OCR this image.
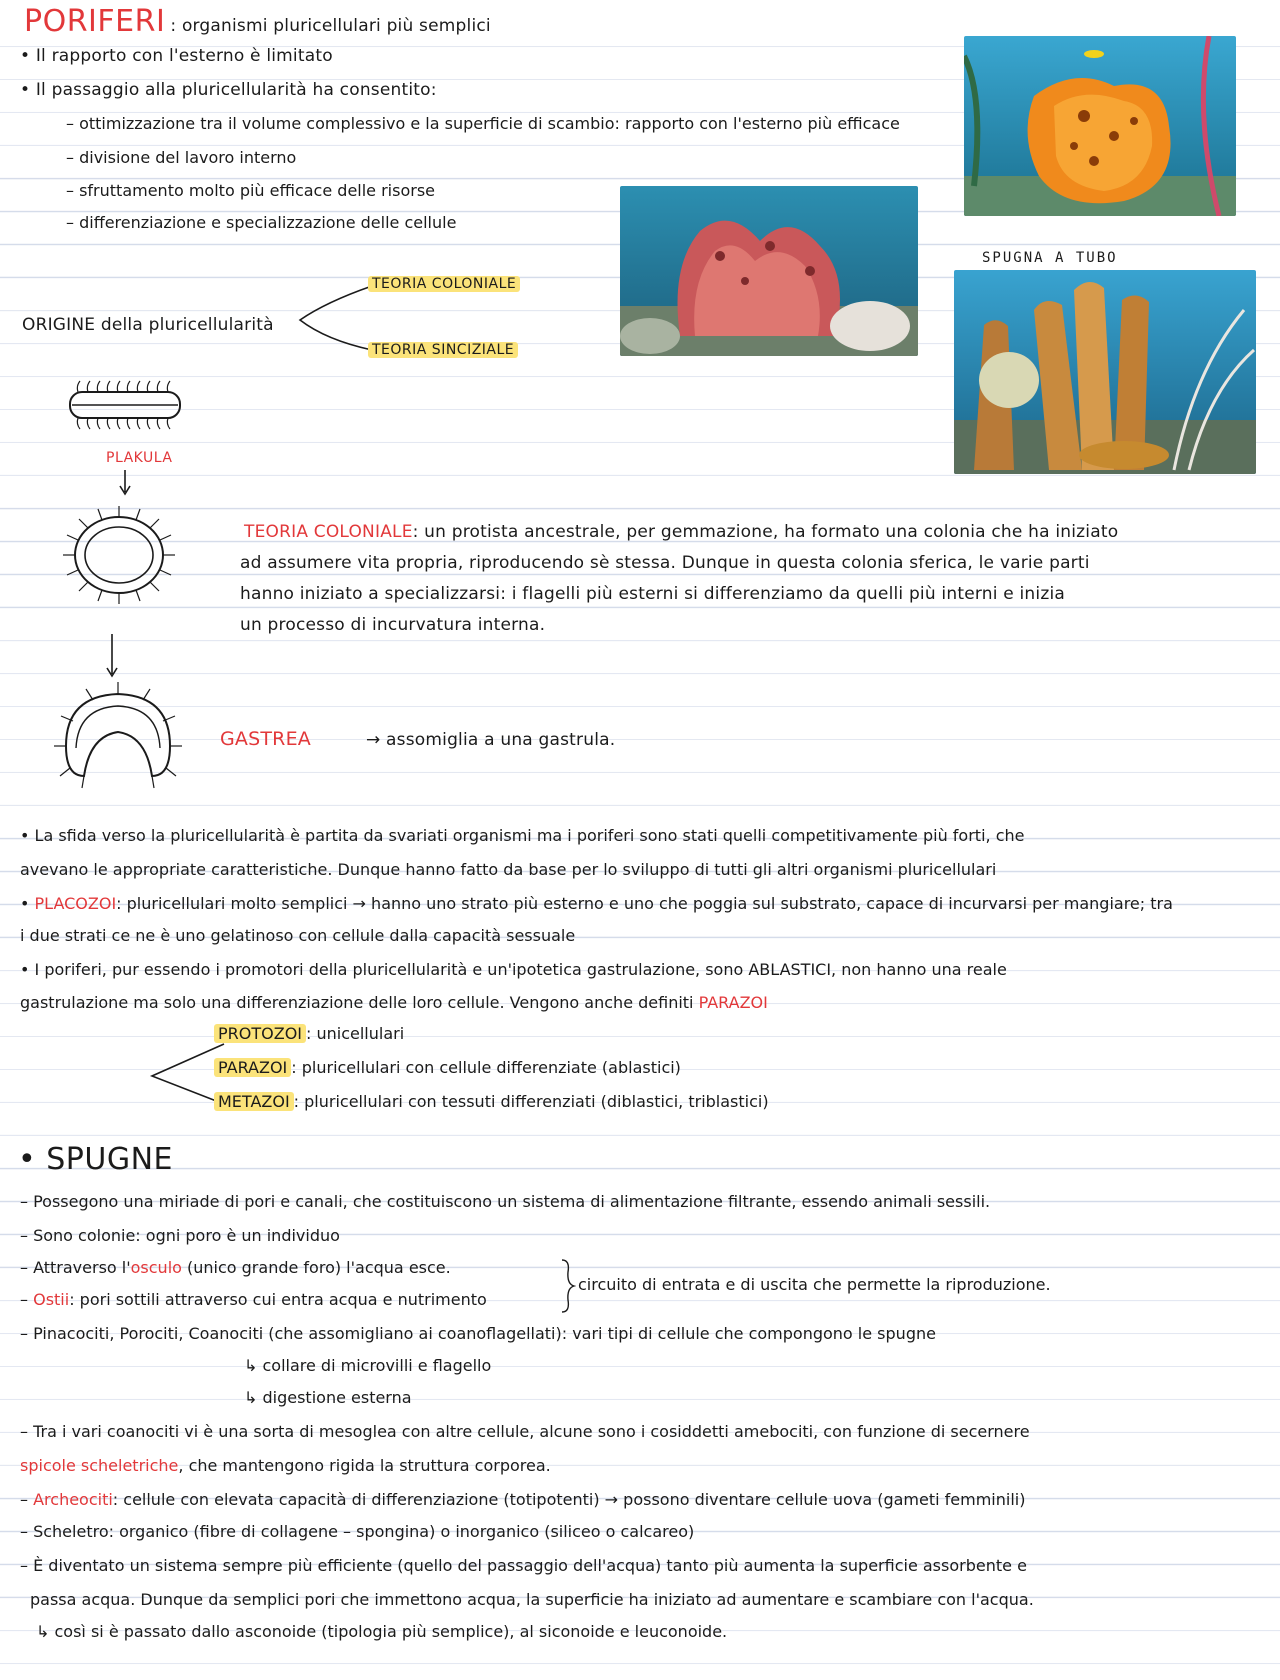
PORIFERI : organismi pluricellulari più semplici
• Il rapporto con l'esterno è limitato
• Il passaggio alla pluricellularità ha consentito:
– ottimizzazione tra il volume complessivo e la superficie di scambio: rapporto con l'esterno più efficace
– divisione del lavoro interno
– sfruttamento molto più efficace delle risorse
– differenziazione e specializzazione delle cellule
ORIGINE della pluricellularità
TEORIA COLONIALE
TEORIA SINCIZIALE
SPUGNA A TUBO
PLAKULA
GASTREA	→ assomiglia a una gastrula.
TEORIA COLONIALE: un protista ancestrale, per gemmazione, ha formato una colonia che ha iniziato
ad assumere vita propria, riproducendo sè stessa. Dunque in questa colonia sferica, le varie parti
hanno iniziato a specializzarsi: i flagelli più esterni si differenziamo da quelli più interni e inizia
un processo di incurvatura interna.
• La sfida verso la pluricellularità è partita da svariati organismi ma i poriferi sono stati quelli competitivamente più forti, che
avevano le appropriate caratteristiche. Dunque hanno fatto da base per lo sviluppo di tutti gli altri organismi pluricellulari
• PLACOZOI: pluricellulari molto semplici → hanno uno strato più esterno e uno che poggia sul substrato, capace di incurvarsi per mangiare; tra
i due strati ce ne è uno gelatinoso con cellule dalla capacità sessuale
• I poriferi, pur essendo i promotori della pluricellularità e un'ipotetica gastrulazione, sono ABLASTICI, non hanno una reale
gastrulazione ma solo una differenziazione delle loro cellule. Vengono anche definiti PARAZOI
PROTOZOI : unicellulari
PARAZOI : pluricellulari con cellule differenziate (ablastici)
METAZOI : pluricellulari con tessuti differenziati (diblastici, triblastici)
• SPUGNE
– Possegono una miriade di pori e canali, che costituiscono un sistema di alimentazione filtrante, essendo animali sessili.
– Sono colonie: ogni poro è un individuo
– Attraverso l'osculo (unico grande foro) l'acqua esce.
– Ostii: pori sottili attraverso cui entra acqua e nutrimento
circuito di entrata e di uscita che permette la riproduzione.
– Pinacociti, Porociti, Coanociti (che assomigliano ai coanoflagellati): vari tipi di cellule che compongono le spugne
↳ collare di microvilli e flagello
↳ digestione esterna
– Tra i vari coanociti vi è una sorta di mesoglea con altre cellule, alcune sono i cosiddetti amebociti, con funzione di secernere
spicole scheletriche, che mantengono rigida la struttura corporea.
– Archeociti: cellule con elevata capacità di differenziazione (totipotenti) → possono diventare cellule uova (gameti femminili)
– Scheletro: organico (fibre di collagene – spongina) o inorganico (siliceo o calcareo)
– È diventato un sistema sempre più efficiente (quello del passaggio dell'acqua) tanto più aumenta la superficie assorbente e
passa acqua. Dunque da semplici pori che immettono acqua, la superficie ha iniziato ad aumentare e scambiare con l'acqua.
↳ così si è passato dallo asconoide (tipologia più semplice), al siconoide e leuconoide.
